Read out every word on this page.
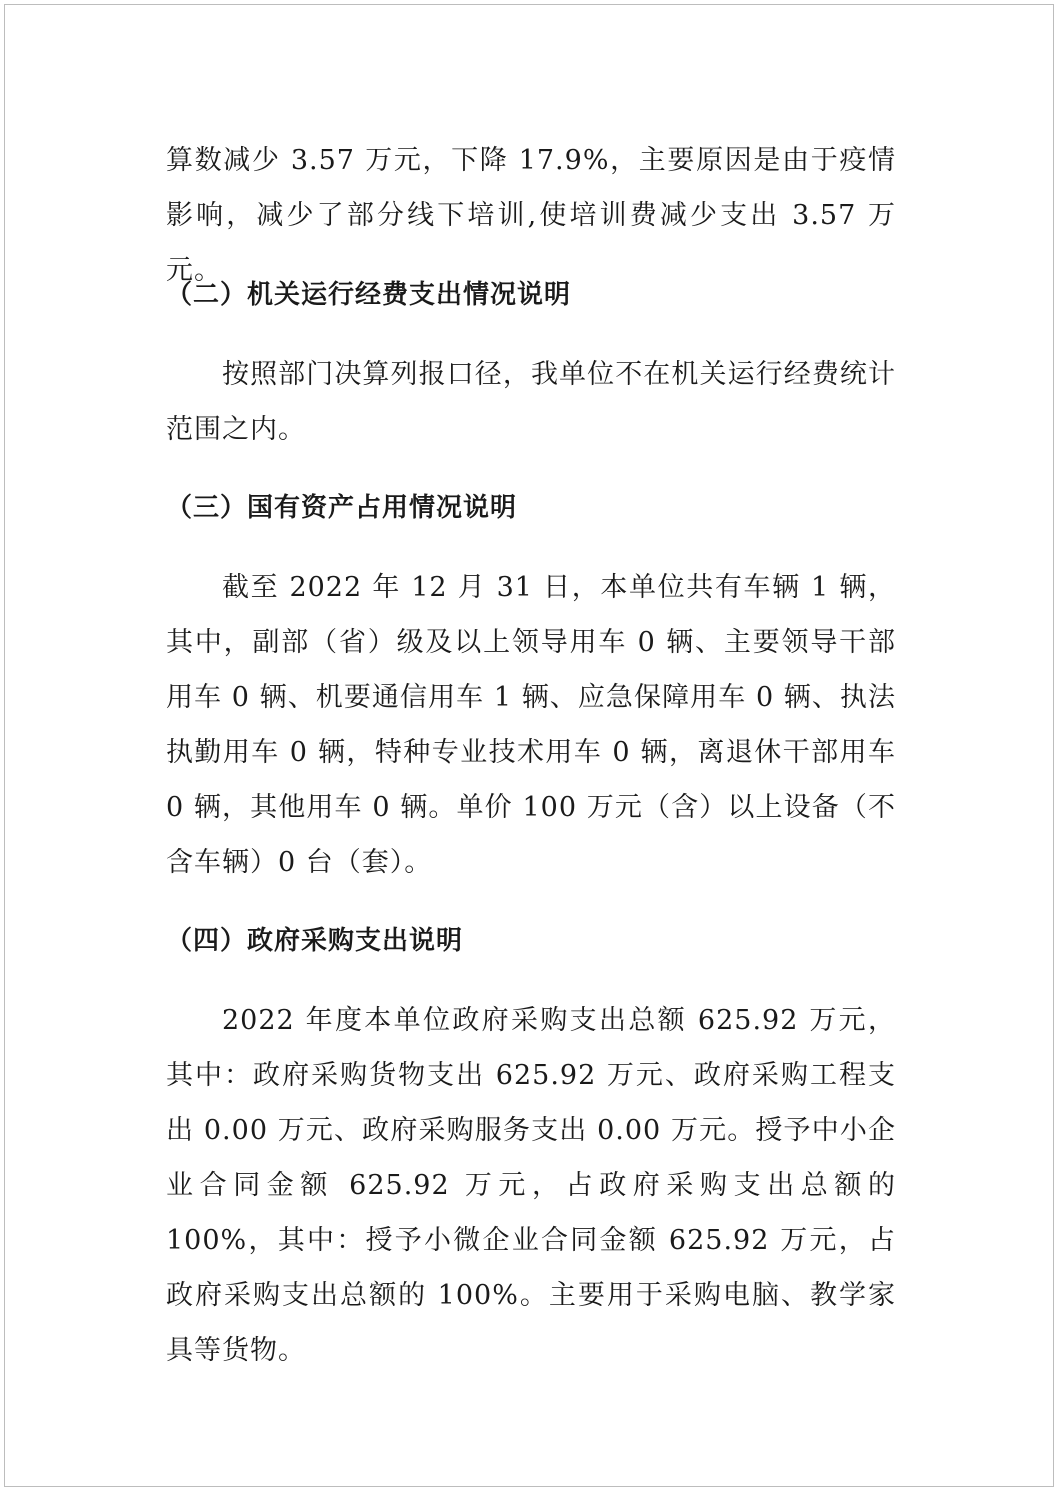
算数减少 3.57 万元，下降 17.9%，主要原因是由于疫情影响，减少了部分线下培训,使培训费减少支出 3.57 万元。

（二）机关运行经费支出情况说明

按照部门决算列报口径，我单位不在机关运行经费统计范围之内。

（三）国有资产占用情况说明

截至 2022 年 12 月 31 日，本单位共有车辆 1 辆，其中，副部（省）级及以上领导用车 0 辆、主要领导干部用车 0 辆、机要通信用车 1 辆、应急保障用车 0 辆、执法执勤用车 0 辆，特种专业技术用车 0 辆，离退休干部用车 0 辆，其他用车 0 辆。单价 100 万元（含）以上设备（不含车辆）0 台（套）。

（四）政府采购支出说明

2022 年度本单位政府采购支出总额 625.92 万元，其中：政府采购货物支出 625.92 万元、政府采购工程支出 0.00 万元、政府采购服务支出 0.00 万元。授予中小企业合同金额 625.92 万元，占政府采购支出总额的 100%，其中：授予小微企业合同金额 625.92 万元，占政府采购支出总额的 100%。主要用于采购电脑、教学家具等货物。
